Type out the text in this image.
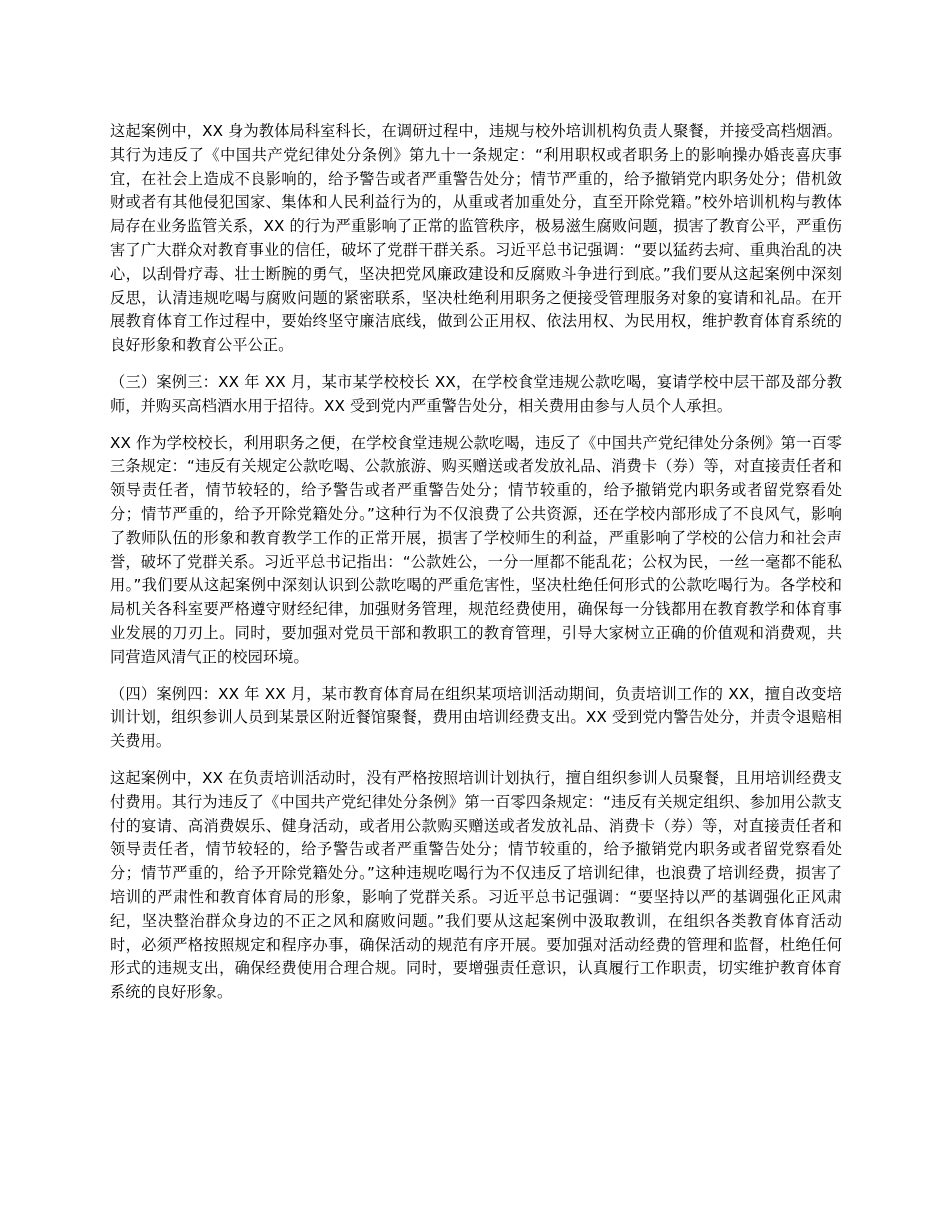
这起案例中，XX 身为教体局科室科长，在调研过程中，违规与校外培训机构负责人聚餐，并接受高档烟酒。其行为违反了《中国共产党纪律处分条例》第九十一条规定：“利用职权或者职务上的影响操办婚丧喜庆事宜，在社会上造成不良影响的，给予警告或者严重警告处分；情节严重的，给予撤销党内职务处分；借机敛财或者有其他侵犯国家、集体和人民利益行为的，从重或者加重处分，直至开除党籍。”校外培训机构与教体局存在业务监管关系，XX 的行为严重影响了正常的监管秩序，极易滋生腐败问题，损害了教育公平，严重伤害了广大群众对教育事业的信任，破坏了党群干群关系。习近平总书记强调：“要以猛药去疴、重典治乱的决心，以刮骨疗毒、壮士断腕的勇气，坚决把党风廉政建设和反腐败斗争进行到底。”我们要从这起案例中深刻反思，认清违规吃喝与腐败问题的紧密联系，坚决杜绝利用职务之便接受管理服务对象的宴请和礼品。在开展教育体育工作过程中，要始终坚守廉洁底线，做到公正用权、依法用权、为民用权，维护教育体育系统的良好形象和教育公平公正。

（三）案例三：XX 年 XX 月，某市某学校校长 XX，在学校食堂违规公款吃喝，宴请学校中层干部及部分教师，并购买高档酒水用于招待。XX 受到党内严重警告处分，相关费用由参与人员个人承担。

XX 作为学校校长，利用职务之便，在学校食堂违规公款吃喝，违反了《中国共产党纪律处分条例》第一百零三条规定：“违反有关规定公款吃喝、公款旅游、购买赠送或者发放礼品、消费卡（券）等，对直接责任者和领导责任者，情节较轻的，给予警告或者严重警告处分；情节较重的，给予撤销党内职务或者留党察看处分；情节严重的，给予开除党籍处分。”这种行为不仅浪费了公共资源，还在学校内部形成了不良风气，影响了教师队伍的形象和教育教学工作的正常开展，损害了学校师生的利益，严重影响了学校的公信力和社会声誉，破坏了党群关系。习近平总书记指出：“公款姓公，一分一厘都不能乱花；公权为民，一丝一毫都不能私用。”我们要从这起案例中深刻认识到公款吃喝的严重危害性，坚决杜绝任何形式的公款吃喝行为。各学校和局机关各科室要严格遵守财经纪律，加强财务管理，规范经费使用，确保每一分钱都用在教育教学和体育事业发展的刀刃上。同时，要加强对党员干部和教职工的教育管理，引导大家树立正确的价值观和消费观，共同营造风清气正的校园环境。

（四）案例四：XX 年 XX 月，某市教育体育局在组织某项培训活动期间，负责培训工作的 XX，擅自改变培训计划，组织参训人员到某景区附近餐馆聚餐，费用由培训经费支出。XX 受到党内警告处分，并责令退赔相关费用。

这起案例中，XX 在负责培训活动时，没有严格按照培训计划执行，擅自组织参训人员聚餐，且用培训经费支付费用。其行为违反了《中国共产党纪律处分条例》第一百零四条规定：“违反有关规定组织、参加用公款支付的宴请、高消费娱乐、健身活动，或者用公款购买赠送或者发放礼品、消费卡（券）等，对直接责任者和领导责任者，情节较轻的，给予警告或者严重警告处分；情节较重的，给予撤销党内职务或者留党察看处分；情节严重的，给予开除党籍处分。”这种违规吃喝行为不仅违反了培训纪律，也浪费了培训经费，损害了培训的严肃性和教育体育局的形象，影响了党群关系。习近平总书记强调：“要坚持以严的基调强化正风肃纪，坚决整治群众身边的不正之风和腐败问题。”我们要从这起案例中汲取教训，在组织各类教育体育活动时，必须严格按照规定和程序办事，确保活动的规范有序开展。要加强对活动经费的管理和监督，杜绝任何形式的违规支出，确保经费使用合理合规。同时，要增强责任意识，认真履行工作职责，切实维护教育体育系统的良好形象。
